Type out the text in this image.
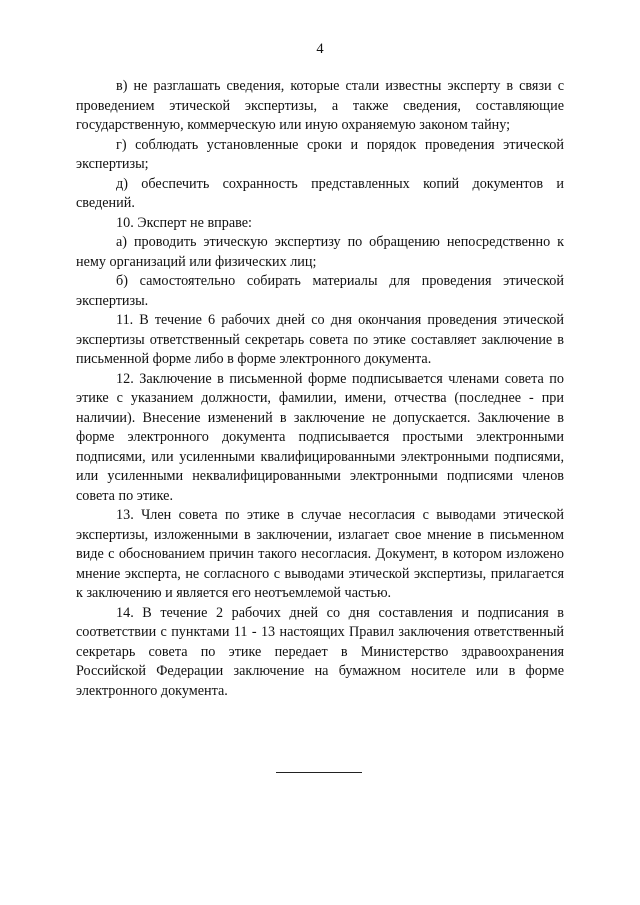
4

в) не разглашать сведения, которые стали известны эксперту в связи с проведением этической экспертизы, а также сведения, составляющие государственную, коммерческую или иную охраняемую законом тайну;

г) соблюдать установленные сроки и порядок проведения этической экспертизы;

д) обеспечить сохранность представленных копий документов и сведений.

10. Эксперт не вправе:

а) проводить этическую экспертизу по обращению непосредственно к нему организаций или физических лиц;

б) самостоятельно собирать материалы для проведения этической экспертизы.

11. В течение 6 рабочих дней со дня окончания проведения этической экспертизы ответственный секретарь совета по этике составляет заключение в письменной форме либо в форме электронного документа.

12. Заключение в письменной форме подписывается членами совета по этике с указанием должности, фамилии, имени, отчества (последнее - при наличии). Внесение изменений в заключение не допускается. Заключение в форме электронного документа подписывается простыми электронными подписями, или усиленными квалифицированными электронными подписями, или усиленными неквалифицированными электронными подписями членов совета по этике.

13. Член совета по этике в случае несогласия с выводами этической экспертизы, изложенными в заключении, излагает свое мнение в письменном виде с обоснованием причин такого несогласия. Документ, в котором изложено мнение эксперта, не согласного с выводами этической экспертизы, прилагается к заключению и является его неотъемлемой частью.

14. В течение 2 рабочих дней со дня составления и подписания в соответствии с пунктами 11 - 13 настоящих Правил заключения ответственный секретарь совета по этике передает в Министерство здравоохранения Российской Федерации заключение на бумажном носителе или в форме электронного документа.
